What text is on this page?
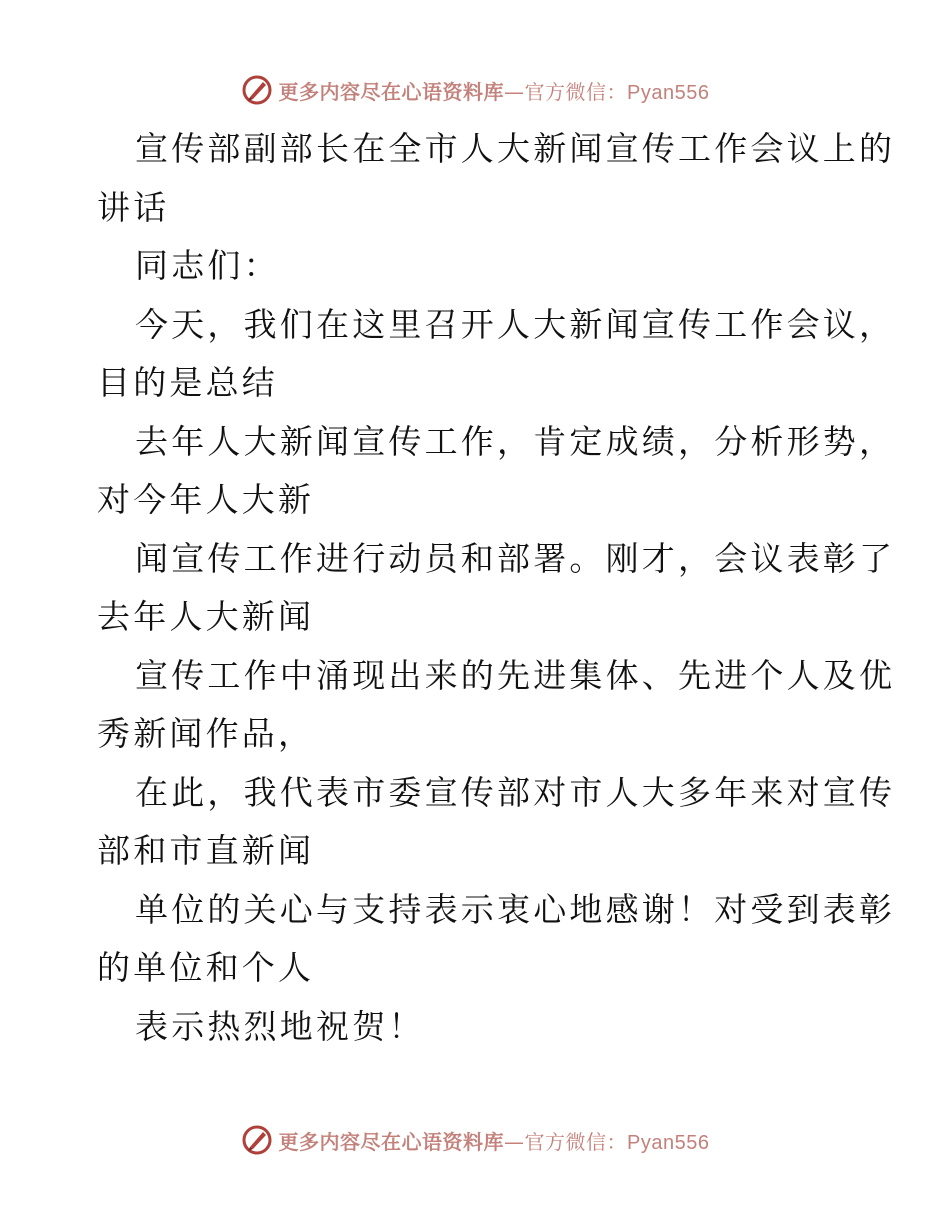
更多内容尽在心语资料库—官方微信：Pyan556

宣传部副部长在全市人大新闻宣传工作会议上的
讲话

同志们：

今天，我们在这里召开人大新闻宣传工作会议，
目的是总结

去年人大新闻宣传工作，肯定成绩，分析形势，
对今年人大新

闻宣传工作进行动员和部署。刚才，会议表彰了
去年人大新闻

宣传工作中涌现出来的先进集体、先进个人及优
秀新闻作品，

在此，我代表市委宣传部对市人大多年来对宣传
部和市直新闻

单位的关心与支持表示衷心地感谢！对受到表彰
的单位和个人

表示热烈地祝贺！

更多内容尽在心语资料库—官方微信：Pyan556
